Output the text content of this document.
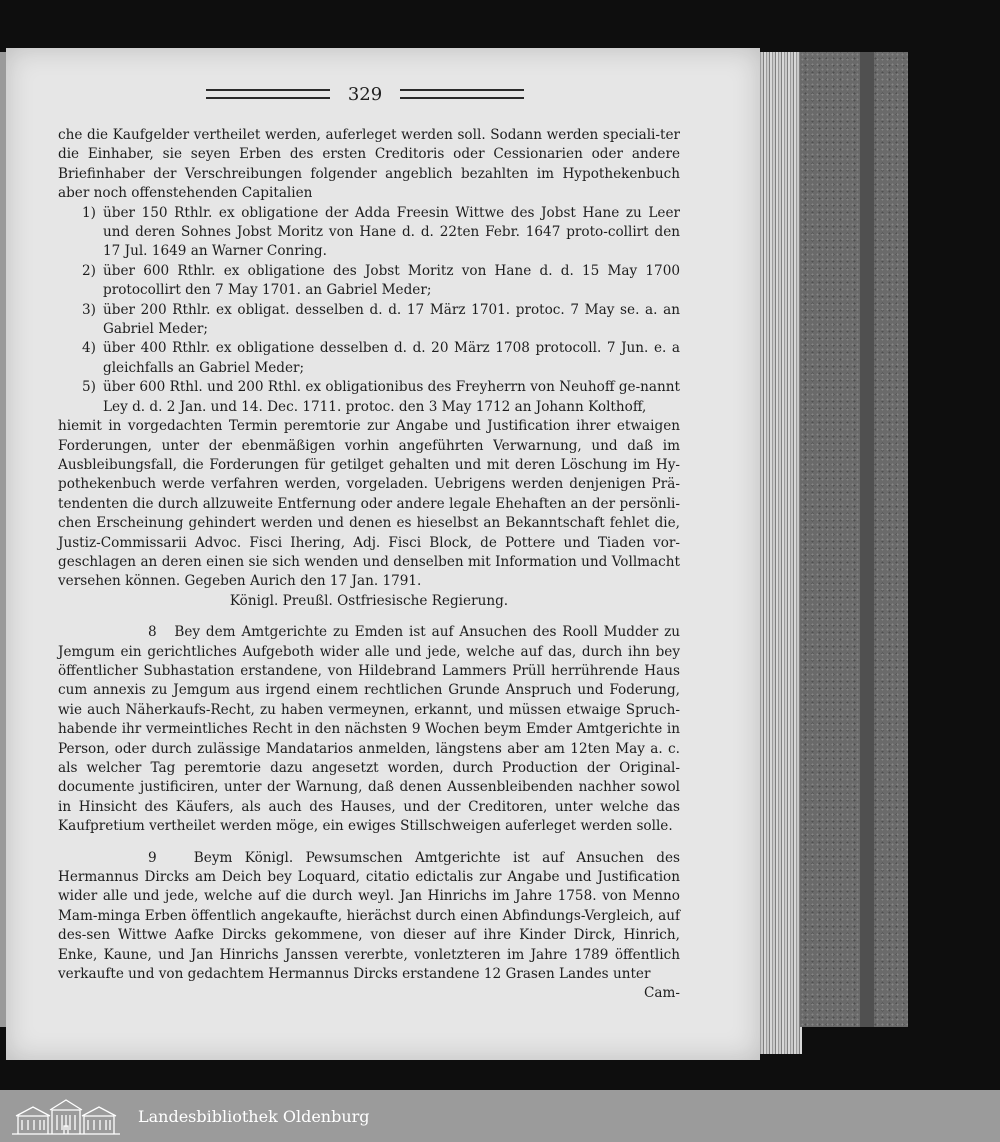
329

che die Kaufgelder vertheilet werden, auferleget werden soll. Sodann werden speciali-ter die Einhaber, sie seyen Erben des ersten Creditoris oder Cessionarien oder andere Briefinhaber der Verschreibungen folgender angeblich bezahlten im Hypothekenbuch aber noch offenstehenden Capitalien

1) über 150 Rthlr. ex obligatione der Adda Freesin Wittwe des Jobst Hane zu Leer und deren Sohnes Jobst Moritz von Hane d. d. 22ten Febr. 1647 proto-collirt den 17 Jul. 1649 an Warner Conring.
2) über 600 Rthlr. ex obligatione des Jobst Moritz von Hane d. d. 15 May 1700 protocollirt den 7 May 1701. an Gabriel Meder;
3) über 200 Rthlr. ex obligat. desselben d. d. 17 März 1701. protoc. 7 May se. a. an Gabriel Meder;
4) über 400 Rthlr. ex obligatione desselben d. d. 20 März 1708 protocoll. 7 Jun. e. a gleichfalls an Gabriel Meder;
5) über 600 Rthl. und 200 Rthl. ex obligationibus des Freyherrn von Neuhoff ge-nannt Ley d. d. 2 Jan. und 14. Dec. 1711. protoc. den 3 May 1712 an Johann Kolthoff,

hiemit in vorgedachten Termin peremtorie zur Angabe und Justification ihrer etwaigen Forderungen, unter der ebenmäßigen vorhin angeführten Verwarnung, und daß im Ausbleibungsfall, die Forderungen für getilget gehalten und mit deren Löschung im Hy-pothekenbuch werde verfahren werden, vorgeladen. Uebrigens werden denjenigen Prä-tendenten die durch allzuweite Entfernung oder andere legale Ehehaften an der persönli-chen Erscheinung gehindert werden und denen es hieselbst an Bekanntschaft fehlet die, Justiz-Commissarii Advoc. Fisci Ihering, Adj. Fisci Block, de Pottere und Tiaden vor-geschlagen an deren einen sie sich wenden und denselben mit Information und Vollmacht versehen können. Gegeben Aurich den 17 Jan. 1791.

Königl. Preußl. Ostfriesische Regierung.

8 Bey dem Amtgerichte zu Emden ist auf Ansuchen des Rooll Mudder zu Jemgum ein gerichtliches Aufgeboth wider alle und jede, welche auf das, durch ihn bey öffentlicher Subhastation erstandene, von Hildebrand Lammers Prüll herrührende Haus cum annexis zu Jemgum aus irgend einem rechtlichen Grunde Anspruch und Foderung, wie auch Näherkaufs-Recht, zu haben vermeynen, erkannt, und müssen etwaige Spruch-habende ihr vermeintliches Recht in den nächsten 9 Wochen beym Emder Amtgerichte in Person, oder durch zulässige Mandatarios anmelden, längstens aber am 12ten May a. c. als welcher Tag peremtorie dazu angesetzt worden, durch Production der Original-documente justificiren, unter der Warnung, daß denen Aussenbleibenden nachher sowol in Hinsicht des Käufers, als auch des Hauses, und der Creditoren, unter welche das Kaufpretium vertheilet werden möge, ein ewiges Stillschweigen auferleget werden solle.

9	Beym Königl. Pewsumschen Amtgerichte ist auf Ansuchen des Hermannus Dircks am Deich bey Loquard, citatio edictalis zur Angabe und Justification wider alle und jede, welche auf die durch weyl. Jan Hinrichs im Jahre 1758. von Menno Mam-minga Erben öffentlich angekaufte, hierächst durch einen Abfindungs-Vergleich, auf des-sen Wittwe Aafke Dircks gekommene, von dieser auf ihre Kinder Dirck, Hinrich, Enke, Kaune, und Jan Hinrichs Janssen vererbte, vonletzteren im Jahre 1789 öffentlich verkaufte und von gedachtem Hermannus Dircks erstandene 12 Grasen Landes unter

Cam-

Landesbibliothek Oldenburg
